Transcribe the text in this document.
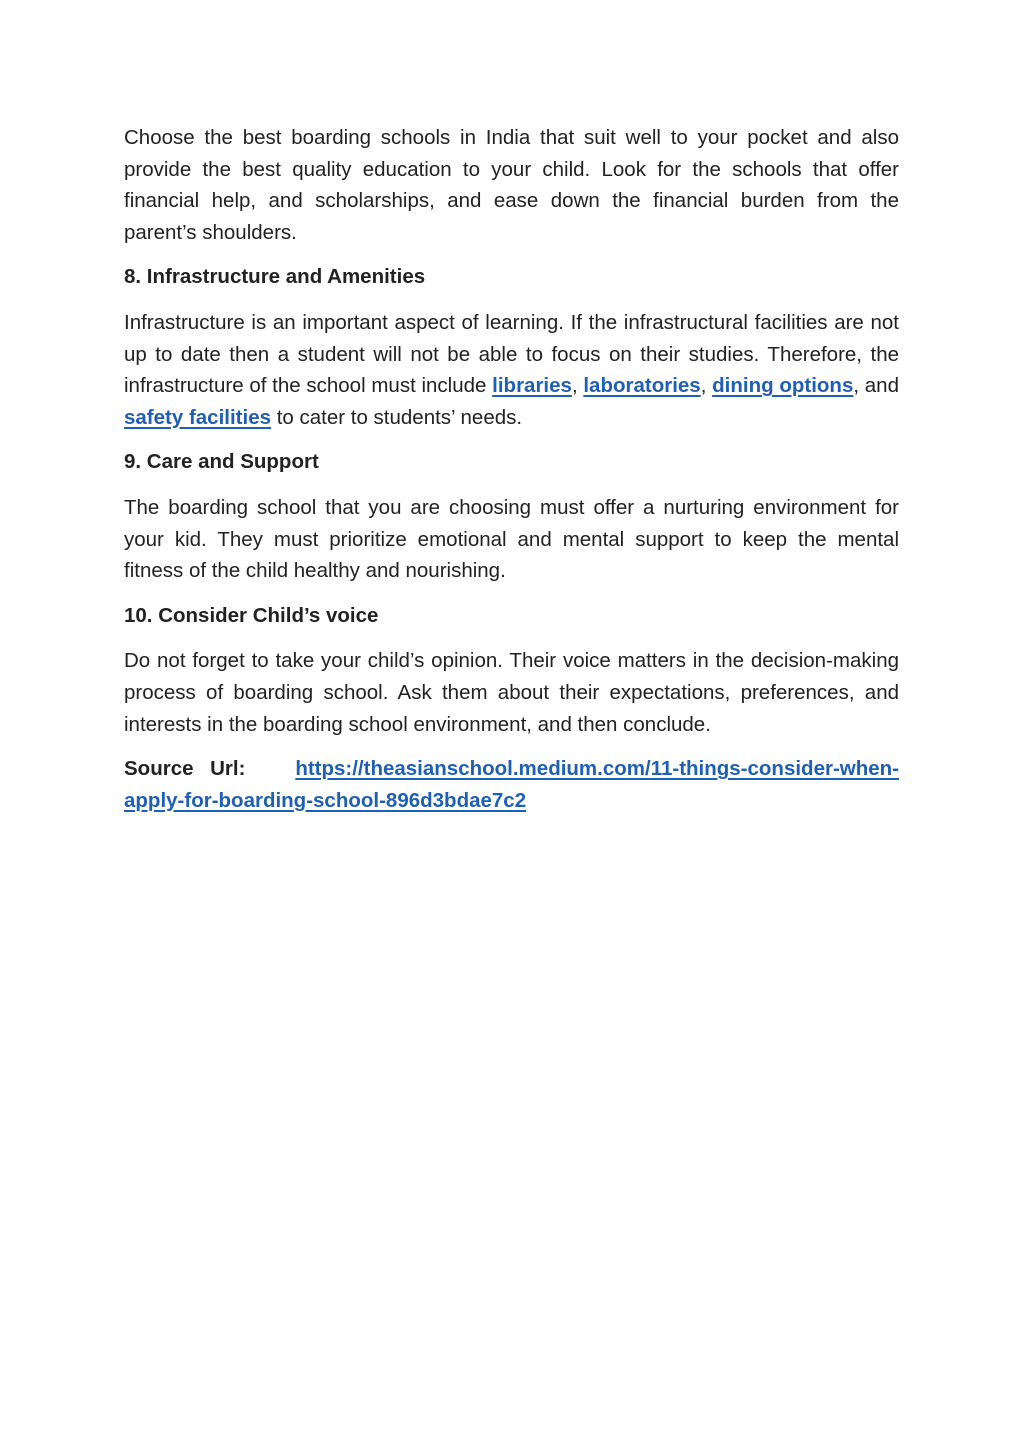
Choose the best boarding schools in India that suit well to your pocket and also provide the best quality education to your child. Look for the schools that offer financial help, and scholarships, and ease down the financial burden from the parent’s shoulders.

8. Infrastructure and Amenities

Infrastructure is an important aspect of learning. If the infrastructural facilities are not up to date then a student will not be able to focus on their studies. Therefore, the infrastructure of the school must include libraries, laboratories, dining options, and safety facilities to cater to students’ needs.

9. Care and Support

The boarding school that you are choosing must offer a nurturing environment for your kid. They must prioritize emotional and mental support to keep the mental fitness of the child healthy and nourishing.

10. Consider Child’s voice

Do not forget to take your child’s opinion. Their voice matters in the decision-making process of boarding school. Ask them about their expectations, preferences, and interests in the boarding school environment, and then conclude.

Source Url: https://theasianschool.medium.com/11-things-consider-when-apply-for-boarding-school-896d3bdae7c2
